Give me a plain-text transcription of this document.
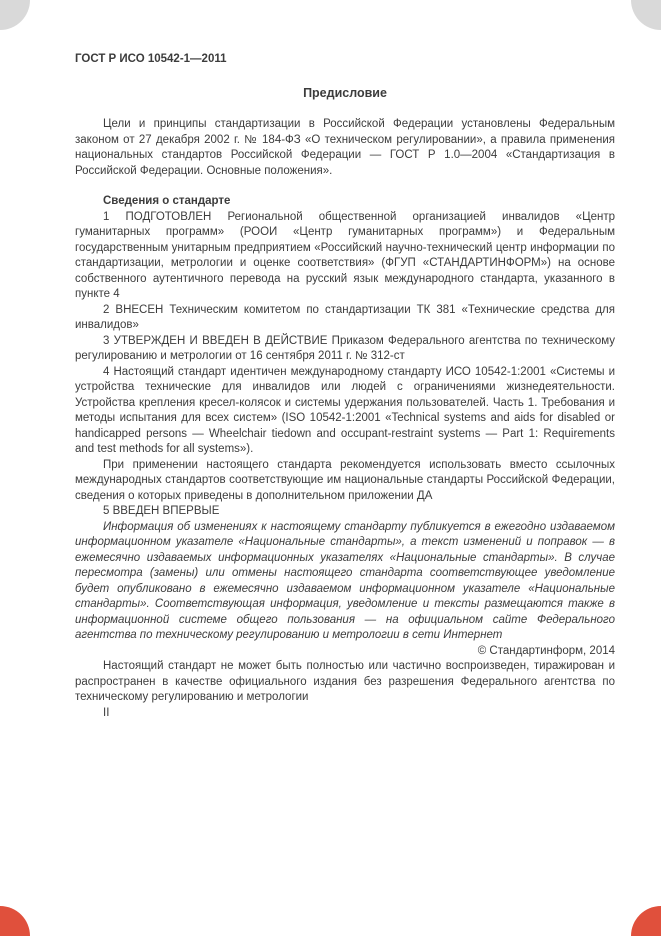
ГОСТ Р ИСО 10542-1—2011
Предисловие

Цели и принципы стандартизации в Российской Федерации установлены Федеральным законом от 27 декабря 2002 г. № 184-ФЗ «О техническом регулировании», а правила применения национальных стандартов Российской Федерации — ГОСТ Р 1.0—2004 «Стандартизация в Российской Федерации. Основные положения».

Сведения о стандарте

1 ПОДГОТОВЛЕН Региональной общественной организацией инвалидов «Центр гуманитарных программ» (РООИ «Центр гуманитарных программ») и Федеральным государственным унитарным предприятием «Российский научно-технический центр информации по стандартизации, метрологии и оценке соответствия» (ФГУП «СТАНДАРТИНФОРМ») на основе собственного аутентичного перевода на русский язык международного стандарта, указанного в пункте 4

2 ВНЕСЕН Техническим комитетом по стандартизации ТК 381 «Технические средства для инвалидов»

3 УТВЕРЖДЕН И ВВЕДЕН В ДЕЙСТВИЕ Приказом Федерального агентства по техническому регулированию и метрологии от 16 сентября 2011 г. № 312-ст

4 Настоящий стандарт идентичен международному стандарту ИСО 10542-1:2001 «Системы и устройства технические для инвалидов или людей с ограничениями жизнедеятельности. Устройства крепления кресел-колясок и системы удержания пользователей. Часть 1. Требования и методы испытания для всех систем» (ISO 10542-1:2001 «Technical systems and aids for disabled or handicapped persons — Wheelchair tiedown and occupant-restraint systems — Part 1: Requirements and test methods for all systems»).

При применении настоящего стандарта рекомендуется использовать вместо ссылочных международных стандартов соответствующие им национальные стандарты Российской Федерации, сведения о которых приведены в дополнительном приложении ДА

5 ВВЕДЕН ВПЕРВЫЕ

Информация об изменениях к настоящему стандарту публикуется в ежегодно издаваемом информационном указателе «Национальные стандарты», а текст изменений и поправок — в ежемесячно издаваемых информационных указателях «Национальные стандарты». В случае пересмотра (замены) или отмены настоящего стандарта соответствующее уведомление будет опубликовано в ежемесячно издаваемом информационном указателе «Национальные стандарты». Соответствующая информация, уведомление и тексты размещаются также в информационной системе общего пользования — на официальном сайте Федерального агентства по техническому регулированию и метрологии в сети Интернет

© Стандартинформ, 2014

Настоящий стандарт не может быть полностью или частично воспроизведен, тиражирован и распространен в качестве официального издания без разрешения Федерального агентства по техническому регулированию и метрологии

II
